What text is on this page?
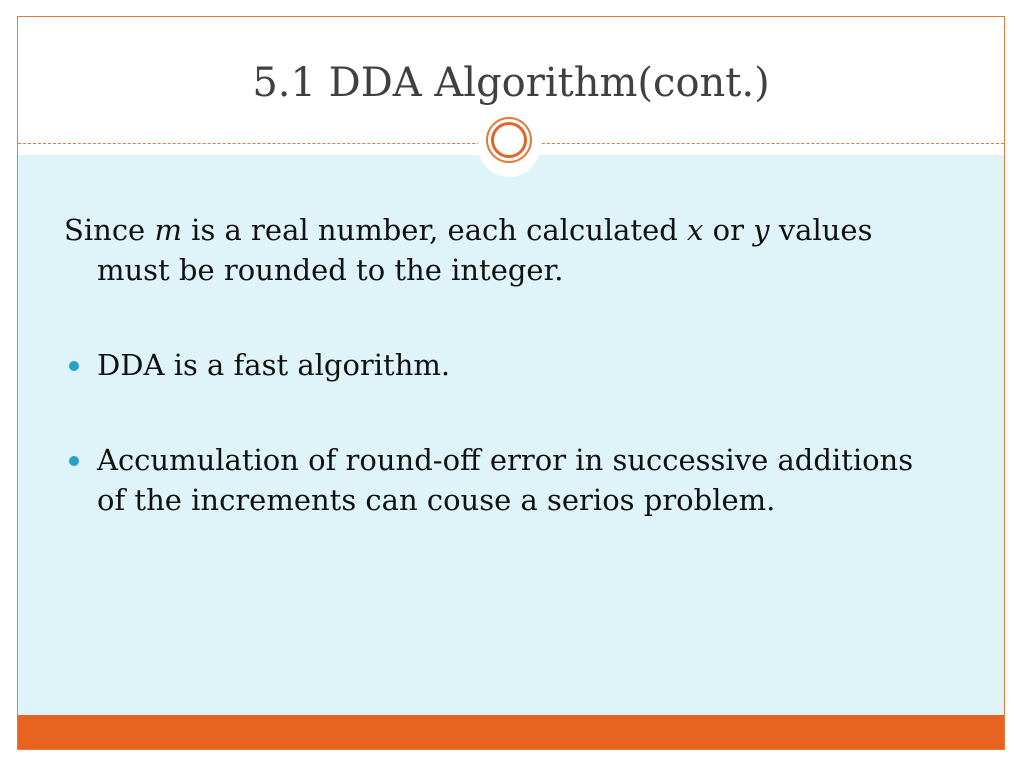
5.1 DDA Algorithm(cont.)

Since m is a real number, each calculated x or y values must be rounded to the integer.

DDA is a fast algorithm.

Accumulation of round-off error in successive additions of the increments can couse a serios problem.
